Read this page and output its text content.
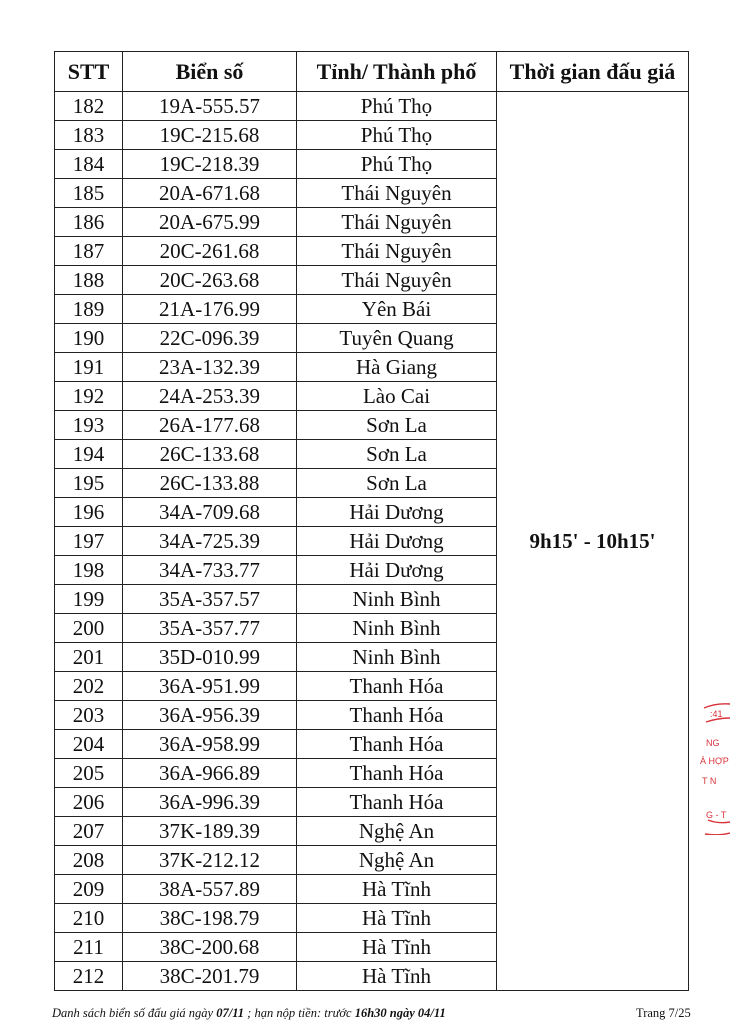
STT	Biển số	Tỉnh/ Thành phố	Thời gian đấu giá
182	19A-555.57	Phú Thọ	9h15' - 10h15'
183	19C-215.68	Phú Thọ	
184	19C-218.39	Phú Thọ	
185	20A-671.68	Thái Nguyên	
186	20A-675.99	Thái Nguyên	
187	20C-261.68	Thái Nguyên	
188	20C-263.68	Thái Nguyên	
189	21A-176.99	Yên Bái	
190	22C-096.39	Tuyên Quang	
191	23A-132.39	Hà Giang	
192	24A-253.39	Lào Cai	
193	26A-177.68	Sơn La	
194	26C-133.68	Sơn La	
195	26C-133.88	Sơn La	
196	34A-709.68	Hải Dương	
197	34A-725.39	Hải Dương	
198	34A-733.77	Hải Dương	
199	35A-357.57	Ninh Bình	
200	35A-357.77	Ninh Bình	
201	35D-010.99	Ninh Bình	
202	36A-951.99	Thanh Hóa	
203	36A-956.39	Thanh Hóa	
204	36A-958.99	Thanh Hóa	
205	36A-966.89	Thanh Hóa	
206	36A-996.39	Thanh Hóa	
207	37K-189.39	Nghệ An	
208	37K-212.12	Nghệ An	
209	38A-557.89	Hà Tĩnh	
210	38C-198.79	Hà Tĩnh	
211	38C-200.68	Hà Tĩnh	
212	38C-201.79	Hà Tĩnh	
Danh sách biển số đấu giá ngày 07/11 ; hạn nộp tiền: trước 16h30 ngày 04/11	Trang 7/25
:41
NG
À HỢP
T N
G - T
